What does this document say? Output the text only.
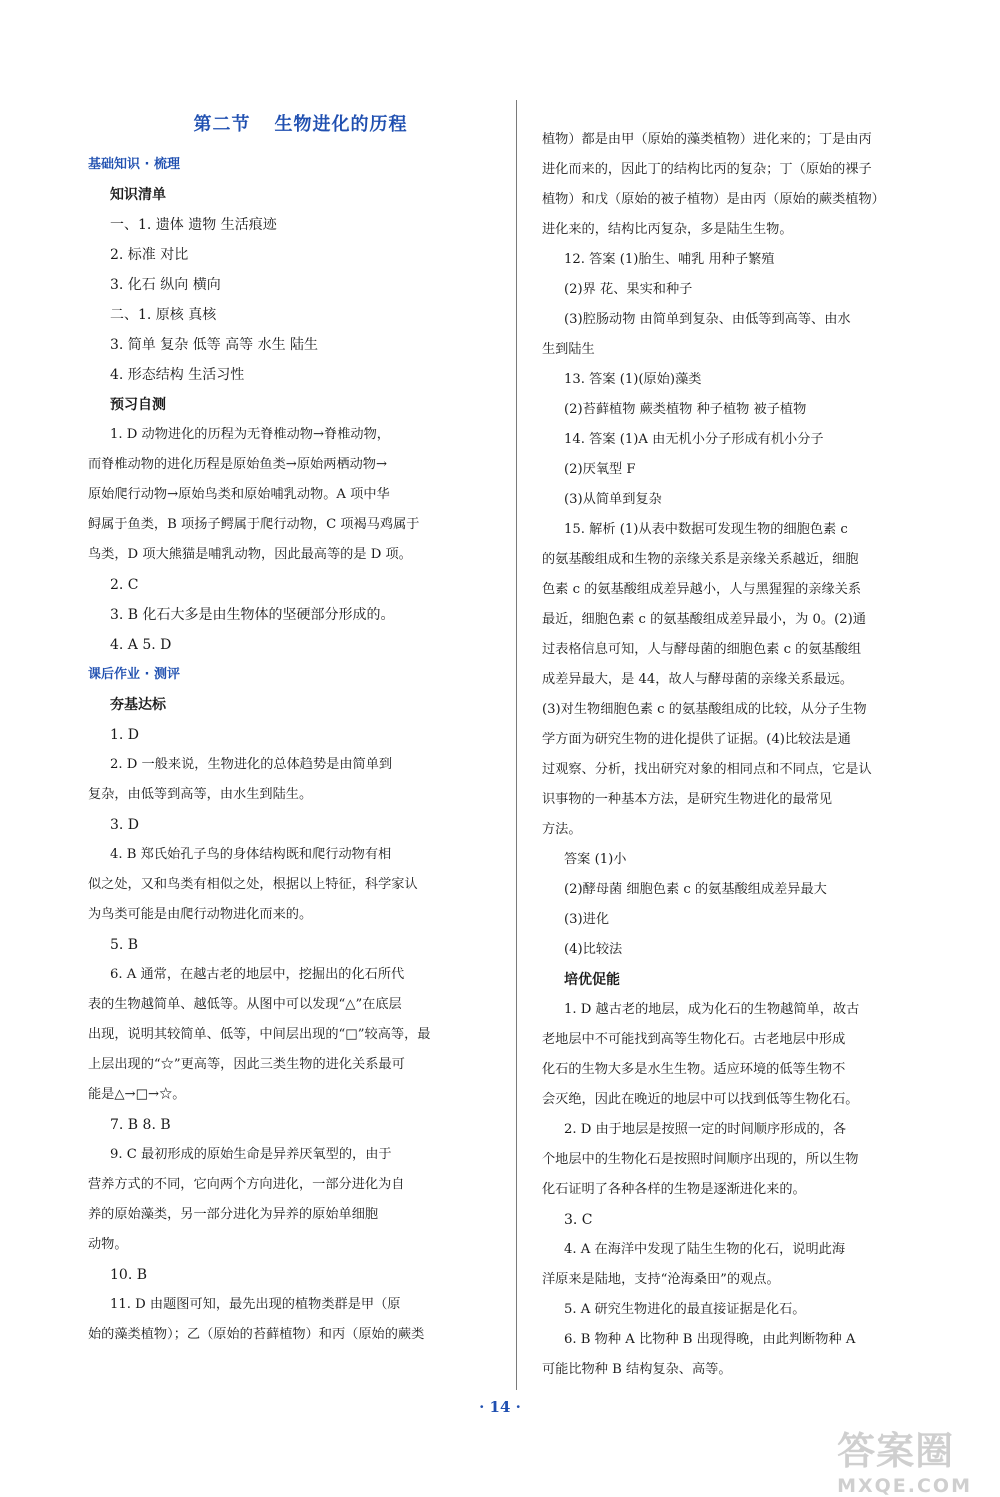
第二节 生物进化的历程
基础知识 · 梳理
知识清单
一、1. 遗体 遗物 生活痕迹
2. 标准 对比
3. 化石 纵向 横向
二、1. 原核 真核
3. 简单 复杂 低等 高等 水生 陆生
4. 形态结构 生活习性
预习自测
1. D 动物进化的历程为无脊椎动物→脊椎动物，
而脊椎动物的进化历程是原始鱼类→原始两栖动物→
原始爬行动物→原始鸟类和原始哺乳动物。A 项中华
鲟属于鱼类，B 项扬子鳄属于爬行动物，C 项褐马鸡属于
鸟类，D 项大熊猫是哺乳动物，因此最高等的是 D 项。
2. C
3. B 化石大多是由生物体的坚硬部分形成的。
4. A 5. D
课后作业 · 测评
夯基达标
1. D
2. D 一般来说，生物进化的总体趋势是由简单到
复杂，由低等到高等，由水生到陆生。
3. D
4. B 郑氏始孔子鸟的身体结构既和爬行动物有相
似之处，又和鸟类有相似之处，根据以上特征，科学家认
为鸟类可能是由爬行动物进化而来的。
5. B
6. A 通常，在越古老的地层中，挖掘出的化石所代
表的生物越简单、越低等。从图中可以发现“△”在底层
出现，说明其较简单、低等，中间层出现的“□”较高等，最
上层出现的“☆”更高等，因此三类生物的进化关系最可
能是△→□→☆。
7. B 8. B
9. C 最初形成的原始生命是异养厌氧型的，由于
营养方式的不同，它向两个方向进化，一部分进化为自
养的原始藻类，另一部分进化为异养的原始单细胞
动物。
10. B
11. D 由题图可知，最先出现的植物类群是甲（原
始的藻类植物）；乙（原始的苔藓植物）和丙（原始的蕨类
植物）都是由甲（原始的藻类植物）进化来的；丁是由丙
进化而来的，因此丁的结构比丙的复杂；丁（原始的裸子
植物）和戊（原始的被子植物）是由丙（原始的蕨类植物）
进化来的，结构比丙复杂，多是陆生生物。
12. 答案 (1)胎生、哺乳 用种子繁殖
(2)界 花、果实和种子
(3)腔肠动物 由简单到复杂、由低等到高等、由水
生到陆生
13. 答案 (1)(原始)藻类
(2)苔藓植物 蕨类植物 种子植物 被子植物
14. 答案 (1)A 由无机小分子形成有机小分子
(2)厌氧型 F
(3)从简单到复杂
15. 解析 (1)从表中数据可发现生物的细胞色素 c
的氨基酸组成和生物的亲缘关系是亲缘关系越近，细胞
色素 c 的氨基酸组成差异越小，人与黑猩猩的亲缘关系
最近，细胞色素 c 的氨基酸组成差异最小，为 0。(2)通
过表格信息可知，人与酵母菌的细胞色素 c 的氨基酸组
成差异最大，是 44，故人与酵母菌的亲缘关系最远。
(3)对生物细胞色素 c 的氨基酸组成的比较，从分子生物
学方面为研究生物的进化提供了证据。(4)比较法是通
过观察、分析，找出研究对象的相同点和不同点，它是认
识事物的一种基本方法，是研究生物进化的最常见
方法。
答案 (1)小
(2)酵母菌 细胞色素 c 的氨基酸组成差异最大
(3)进化
(4)比较法
培优促能
1. D 越古老的地层，成为化石的生物越简单，故古
老地层中不可能找到高等生物化石。古老地层中形成
化石的生物大多是水生生物。适应环境的低等生物不
会灭绝，因此在晚近的地层中可以找到低等生物化石。
2. D 由于地层是按照一定的时间顺序形成的，各
个地层中的生物化石是按照时间顺序出现的，所以生物
化石证明了各种各样的生物是逐渐进化来的。
3. C
4. A 在海洋中发现了陆生生物的化石，说明此海
洋原来是陆地，支持“沧海桑田”的观点。
5. A 研究生物进化的最直接证据是化石。
6. B 物种 A 比物种 B 出现得晚，由此判断物种 A
可能比物种 B 结构复杂、高等。
· 14 ·
答案圈
MXQE.COM
